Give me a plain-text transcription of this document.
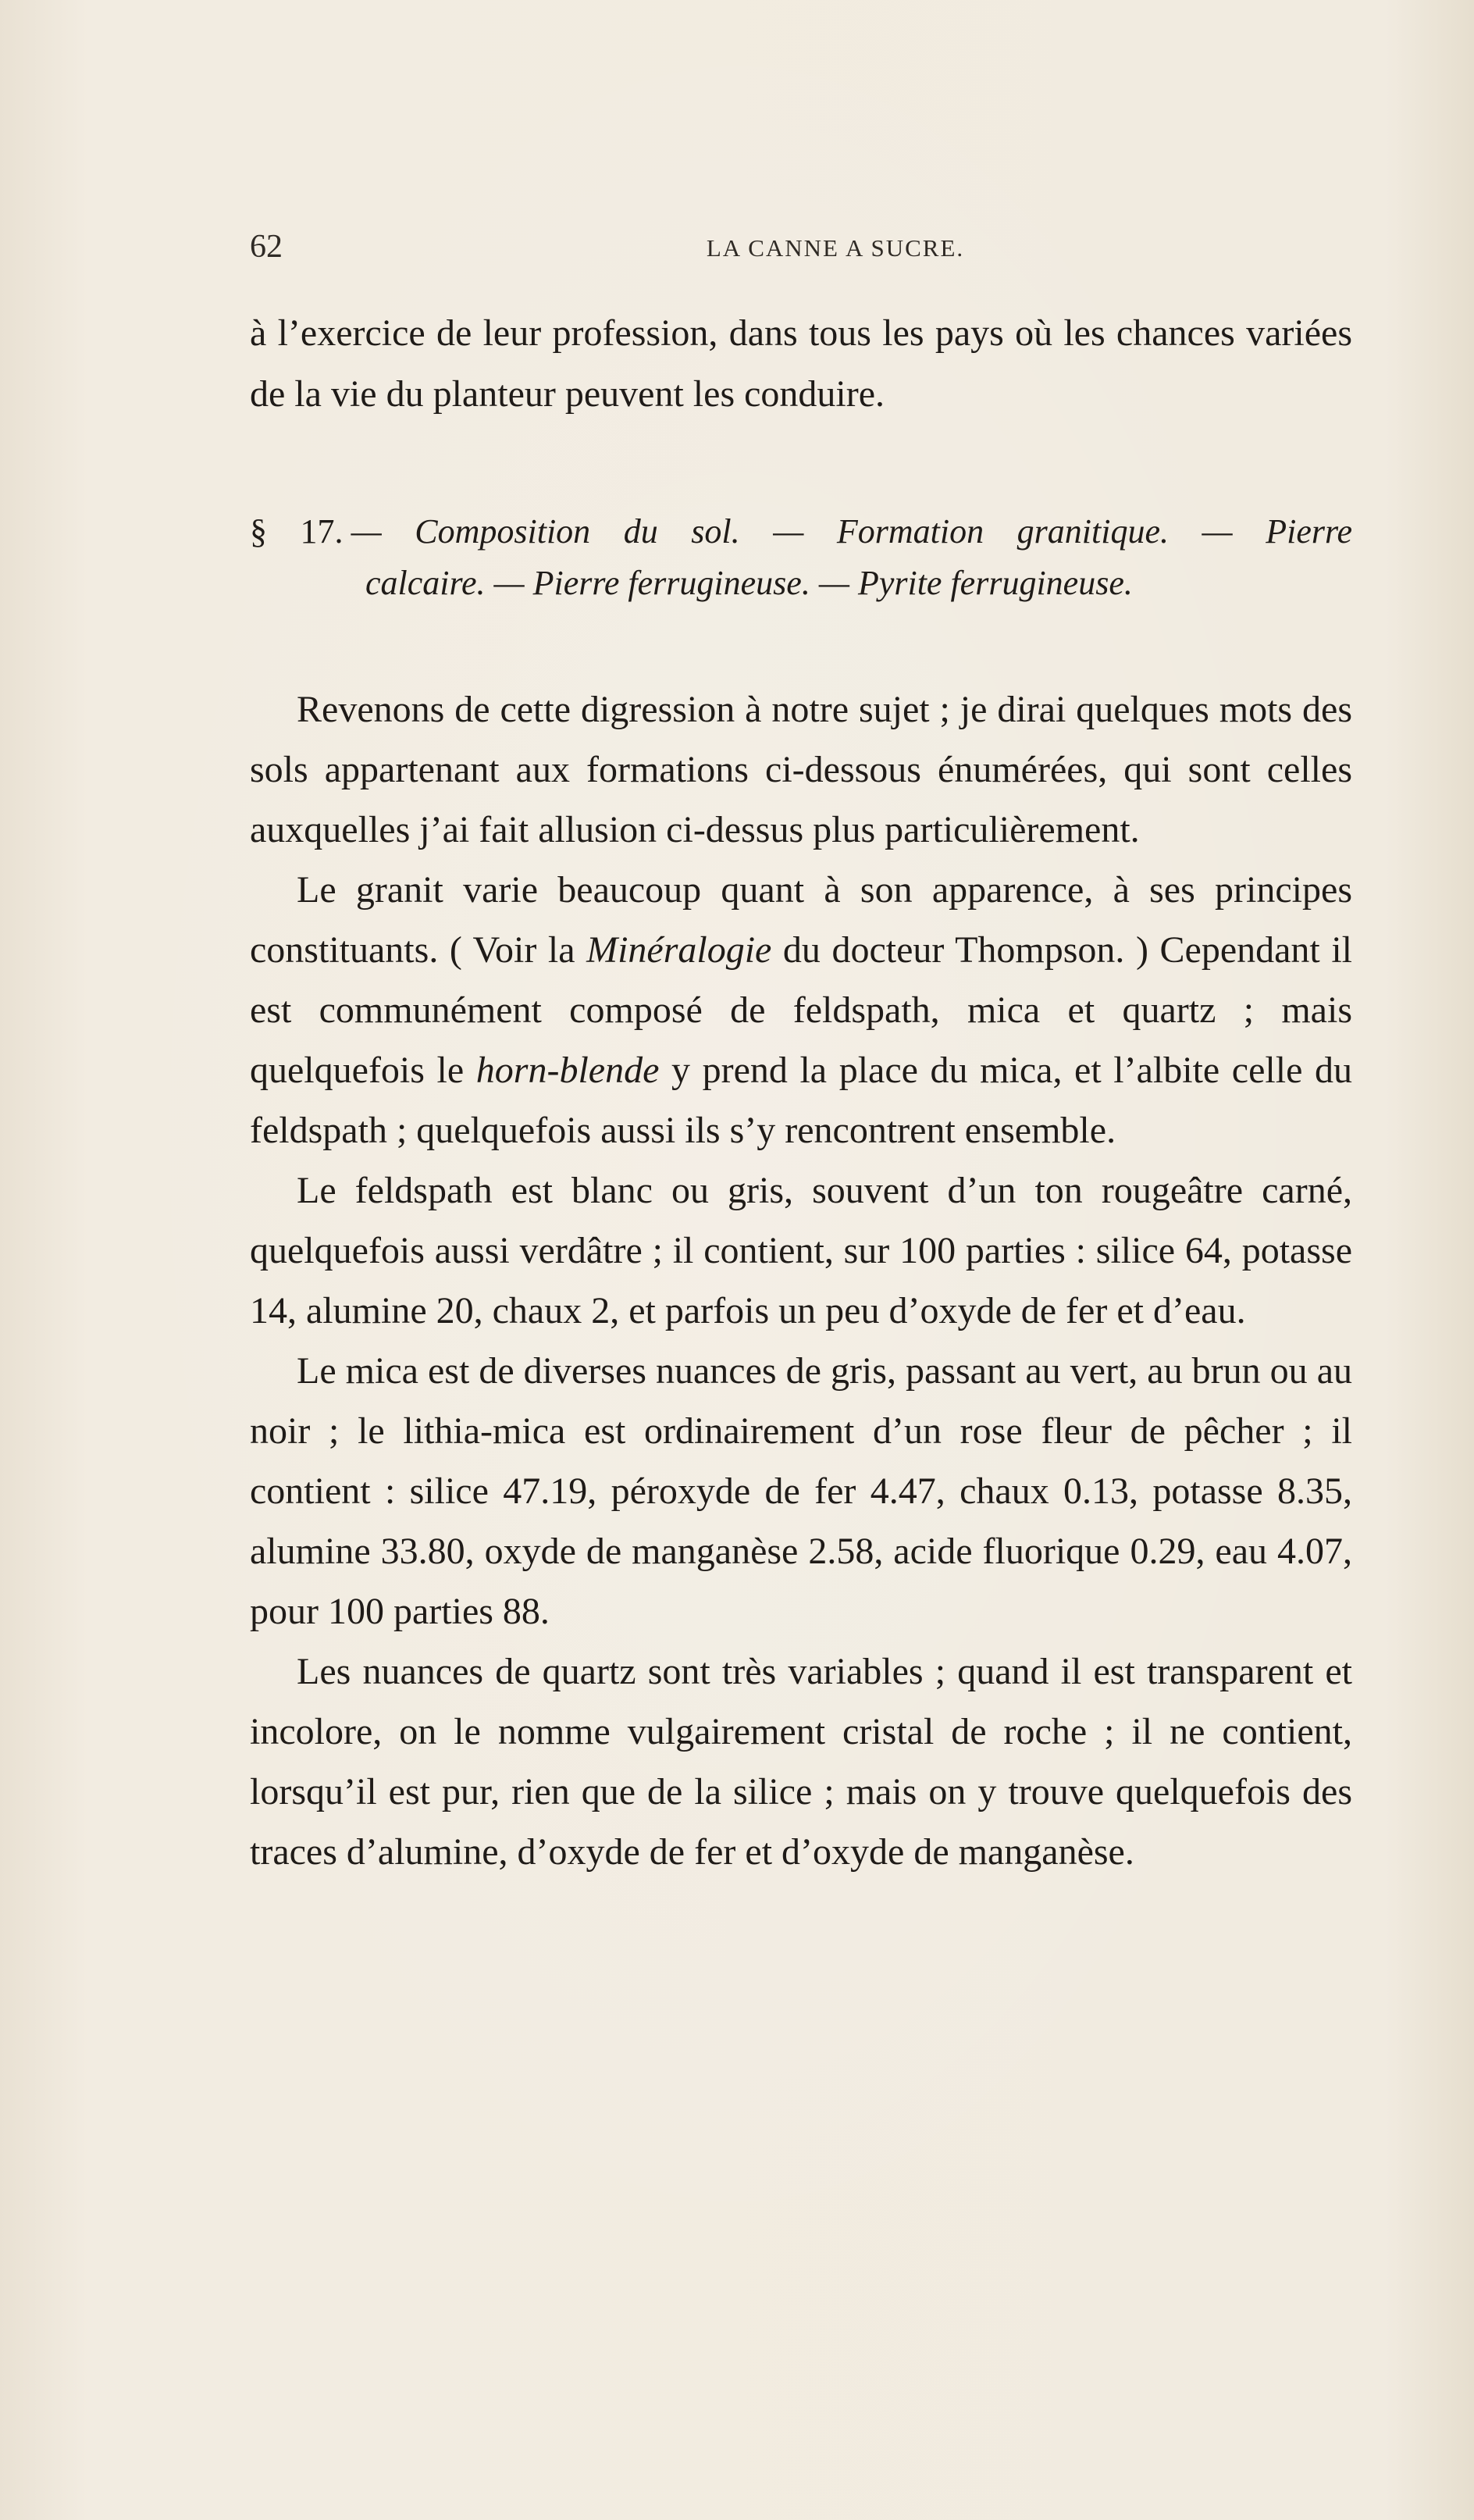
62	LA CANNE A SUCRE.
à l’exercice de leur profession, dans tous les pays où les chances variées de la vie du planteur peuvent les conduire.
§ 17. — Composition du sol. — Formation granitique. — Pierre
calcaire. — Pierre ferrugineuse. — Pyrite ferrugineuse.

Revenons de cette digression à notre sujet ; je dirai quelques mots des sols appartenant aux formations ci-dessous énumérées, qui sont celles auxquelles j’ai fait allusion ci-dessus plus particulièrement.

Le granit varie beaucoup quant à son apparence, à ses principes constituants. ( Voir la Minéralogie du docteur Thompson. ) Cependant il est communément composé de feldspath, mica et quartz ; mais quelquefois le horn-blende y prend la place du mica, et l’albite celle du feldspath ; quelquefois aussi ils s’y rencontrent ensemble.

Le feldspath est blanc ou gris, souvent d’un ton rougeâtre carné, quelquefois aussi verdâtre ; il contient, sur 100 parties : silice 64, potasse 14, alumine 20, chaux 2, et parfois un peu d’oxyde de fer et d’eau.

Le mica est de diverses nuances de gris, passant au vert, au brun ou au noir ; le lithia-mica est ordinairement d’un rose fleur de pêcher ; il contient : silice 47.19, péroxyde de fer 4.47, chaux 0.13, potasse 8.35, alumine 33.80, oxyde de manganèse 2.58, acide fluorique 0.29, eau 4.07, pour 100 parties 88.

Les nuances de quartz sont très variables ; quand il est transparent et incolore, on le nomme vulgairement cristal de roche ; il ne contient, lorsqu’il est pur, rien que de la silice ; mais on y trouve quelquefois des traces d’alumine, d’oxyde de fer et d’oxyde de manganèse.
